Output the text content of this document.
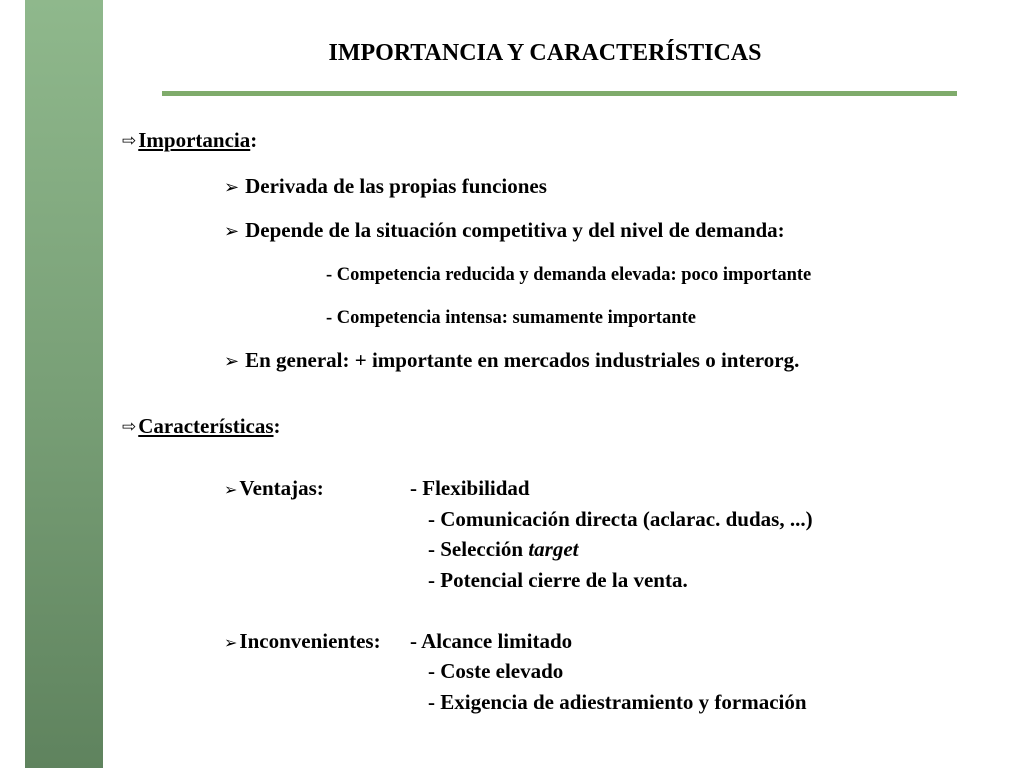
IMPORTANCIA Y CARACTERÍSTICAS
⇨Importancia:
➢ Derivada de las propias funciones
➢ Depende de la situación competitiva y del nivel de demanda:
- Competencia reducida y demanda elevada: poco importante
- Competencia intensa: sumamente importante
➢ En general: + importante en mercados industriales o interorg.
⇨Características:
➢Ventajas:	- Flexibilidad
- Comunicación directa (aclarac. dudas, ...)
- Selección target
- Potencial cierre de la venta.
➢Inconvenientes: - Alcance limitado
- Coste elevado
- Exigencia de adiestramiento y formación
